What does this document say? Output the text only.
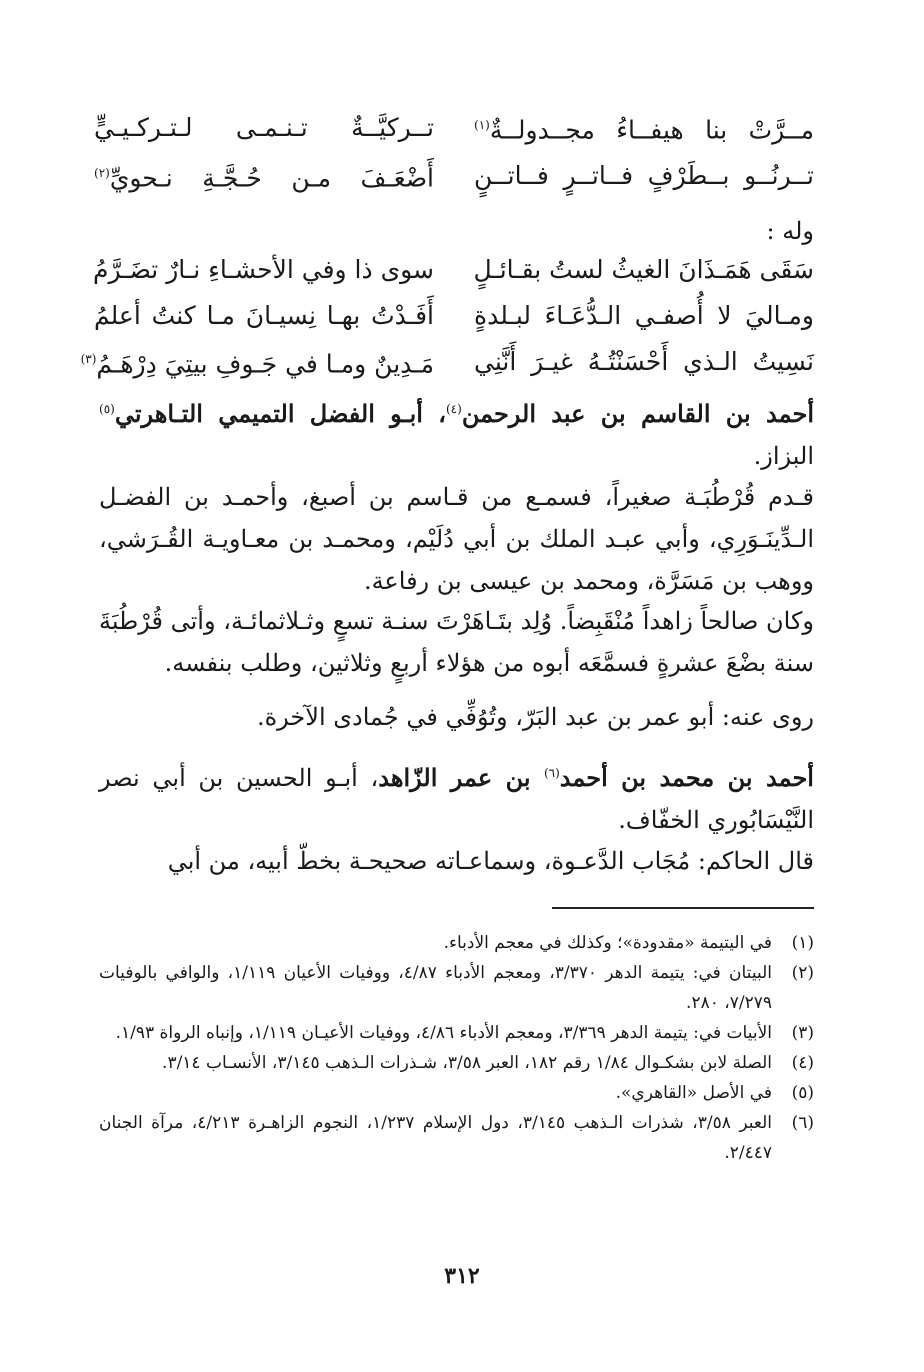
مــرَّتْ بنا هيفــاءُ مجــدولــةٌ$^{(١)}$
تــركيَّــةٌ تـنـمـى لـتـركـيـيٍّ
تــرنُــو بــطَرْفٍ فــاتــرٍ فــاتــنٍ
أَضْعَـفَ مـن حُـجَّـةِ نـحويِّ$^{(٢)}$
وله :
سَقَى هَمَـذَانَ الغيثُ لستُ بقـائـلٍ
سوى ذا وفي الأحشـاءِ نـارٌ تضَـرَّمُ
ومـاليَ لا أُصفـي الـدُّعَـاءَ لبـلدةٍ
أَفَـدْتُ بهـا نِسيـانَ مـا كنتُ أعلمُ
نَسِيتُ الـذي أَحْسَنْتُـهُ غيـرَ أَنَّنِي
مَـدِينٌ ومـا في جَـوفِ بيتِيَ دِرْهَـمُ$^{(٣)}$
أحمد بن القاسم بن عبد الرحمن$^{(٤)}$، أبـو الفضل التميمي التـاهرتي$^{(٥)}$ البزاز.
قـدم قُرْطُبَـة صغيراً، فسمـع من قـاسم بن أصبغ، وأحمـد بن الفضـل الـدِّينَـوَرِي، وأبي عبـد الملك بن أبي دُلَيْم، ومحمـد بن معـاويـة القُـرَشي، ووهب بن مَسَرَّة، ومحمد بن عيسى بن رفاعة.
وكان صالحاً زاهداً مُنْقَبِضاً. وُلِد بتَـاهَرْتَ سنـة تسعٍ وثـلاثمائـة، وأتى قُرْطُبَةَ سنة بضْعَ عشرةٍ فسمَّعَه أبوه من هؤلاء أربعٍ وثلاثين، وطلب بنفسه.
روى عنه: أبو عمر بن عبد البَرّ، وتُوُفِّي في جُمادى الآخرة.
أحمد بن محمد بن أحمد$^{(٦)}$ بن عمر الزّاهد، أبـو الحسين بن أبي نصر النَّيْسَابُوري الخفّاف.
قال الحاكم: مُجَاب الدَّعـوة، وسماعـاته صحيحـة بخطّ أبيه، من أبي
(١)
في اليتيمة «مقدودة»؛ وكذلك في معجم الأدباء.
(٢)
البيتان في: يتيمة الدهر ٣/٣٧٠، ومعجم الأدباء ٤/٨٧، ووفيات الأعيان ١/١١٩، والوافي بالوفيات ٧/٢٧٩، ٢٨٠.
(٣)
الأبيات في: يتيمة الدهر ٣/٣٦٩، ومعجم الأدباء ٤/٨٦، ووفيات الأعيـان ١/١١٩، وإنباه الرواة ١/٩٣.
(٤)
الصلة لابن بشكـوال ١/٨٤ رقم ١٨٢، العبر ٣/٥٨، شـذرات الـذهب ٣/١٤٥، الأنسـاب ٣/١٤.
(٥)
في الأصل «القاهري».
(٦)
العبر ٣/٥٨، شذرات الـذهب ٣/١٤٥، دول الإسلام ١/٢٣٧، النجوم الزاهـرة ٤/٢١٣، مرآة الجنان ٢/٤٤٧.
٣١٢
